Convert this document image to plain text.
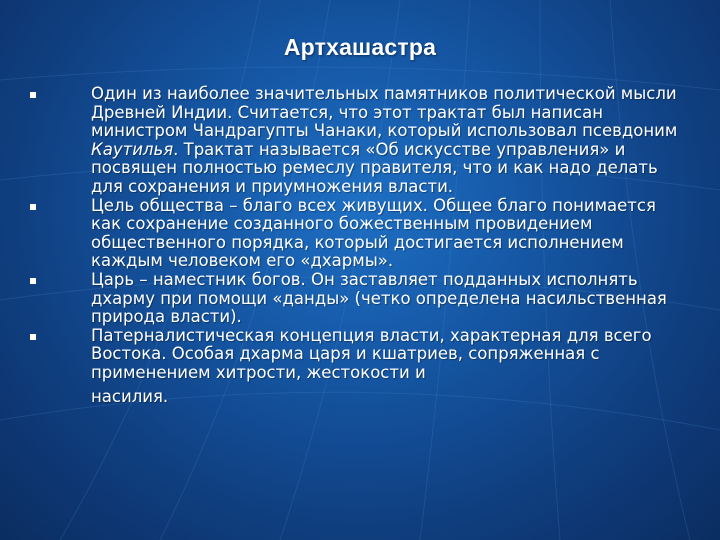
Артхашастра
Один из наиболее значительных памятников политической мысли Древней Индии. Считается, что этот трактат был написан министром Чандрагупты Чанаки, который использовал псевдоним Каутилья. Трактат называется «Об искусстве управления» и посвящен полностью ремеслу правителя, что и как надо делать для сохранения и приумножения власти.
Цель общества – благо всех живущих. Общее благо понимается как сохранение созданного божественным провидением общественного порядка, который достигается исполнением каждым человеком его «дхармы».
Царь – наместник богов. Он заставляет подданных исполнять дхарму при помощи «данды» (четко определена насильственная природа власти).
Патерналистическая концепция власти, характерная для всего Востока. Особая дхарма царя и кшатриев, сопряженная с применением хитрости, жестокости и
насилия.
